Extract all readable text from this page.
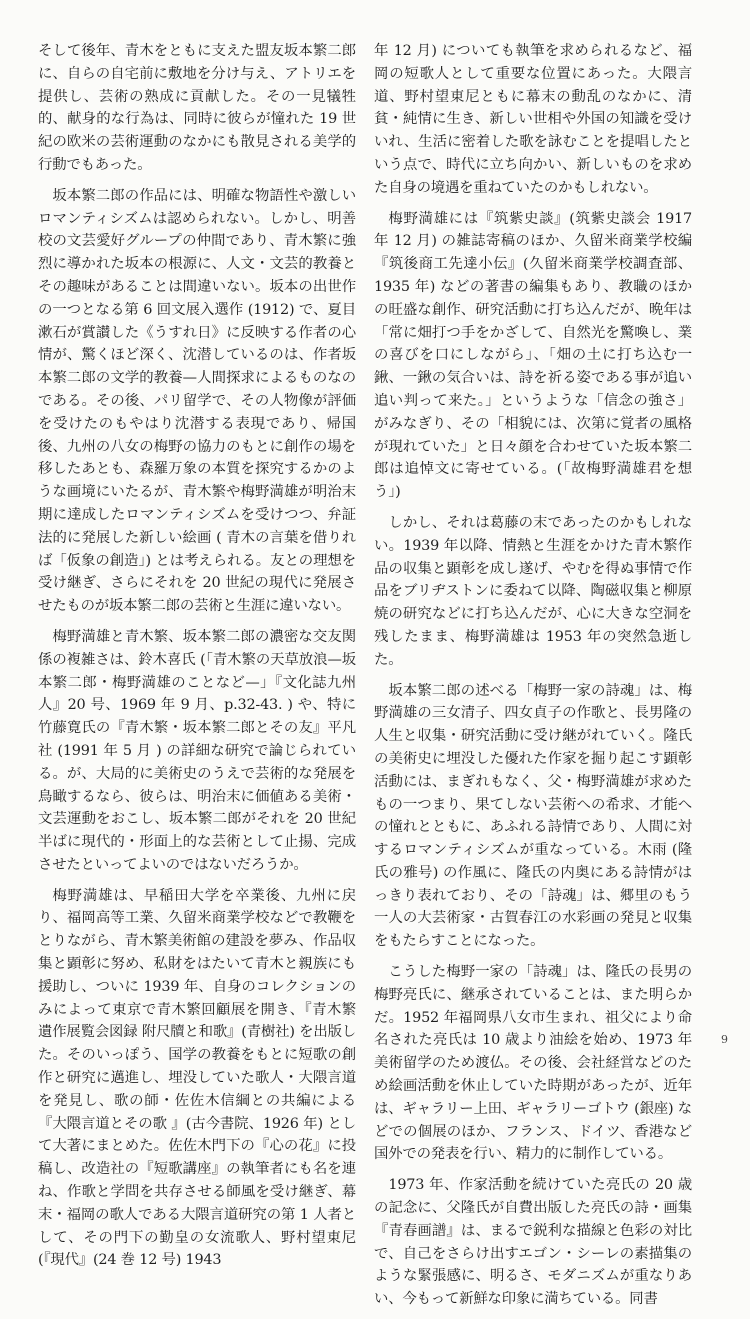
そして後年、青木をともに支えた盟友坂本繁二郎に、自らの自宅前に敷地を分け与え、アトリエを提供し、芸術の熟成に貢献した。その一見犠牲的、献身的な行為は、同時に彼らが憧れた 19 世紀の欧米の芸術運動のなかにも散見される美学的行動でもあった。

坂本繁二郎の作品には、明確な物語性や激しいロマンティシズムは認められない。しかし、明善校の文芸愛好グループの仲間であり、青木繁に強烈に導かれた坂本の根源に、人文・文芸的教養とその趣味があることは間違いない。坂本の出世作の一つとなる第 6 回文展入選作 (1912) で、夏目漱石が賞讃した《うすれ日》に反映する作者の心情が、驚くほど深く、沈潜しているのは、作者坂本繁二郎の文学的教養—人間探求によるものなのである。その後、パリ留学で、その人物像が評価を受けたのもやはり沈潜する表現であり、帰国後、九州の八女の梅野の協力のもとに創作の場を移したあとも、森羅万象の本質を探究するかのような画境にいたるが、青木繁や梅野満雄が明治末期に達成したロマンティシズムを受けつつ、弁証法的に発展した新しい絵画 ( 青木の言葉を借りれば「仮象の創造」) とは考えられる。友との理想を受け継ぎ、さらにそれを 20 世紀の現代に発展させたものが坂本繁二郎の芸術と生涯に違いない。

梅野満雄と青木繁、坂本繁二郎の濃密な交友関係の複雑さは、鈴木喜氏 (「青木繁の天草放浪—坂本繁二郎・梅野満雄のことなど—」『文化誌九州人』20 号、1969 年 9 月、p.32-43. ) や、特に竹藤寛氏の『青木繁・坂本繁二郎とその友』平凡社 (1991 年 5 月 ) の詳細な研究で論じられている。が、大局的に美術史のうえで芸術的な発展を鳥瞰するなら、彼らは、明治末に価値ある美術・文芸運動をおこし、坂本繁二郎がそれを 20 世紀半ばに現代的・形面上的な芸術として止揚、完成させたといってよいのではないだろうか。

梅野満雄は、早稲田大学を卒業後、九州に戻り、福岡高等工業、久留米商業学校などで教鞭をとりながら、青木繁美術館の建設を夢み、作品収集と顕彰に努め、私財をはたいて青木と親族にも援助し、ついに 1939 年、自身のコレクションのみによって東京で青木繁回顧展を開き、『青木繁遺作展覧会図録 附尺牘と和歌』(青樹社) を出版した。そのいっぽう、国学の教養をもとに短歌の創作と研究に邁進し、埋没していた歌人・大隈言道を発見し、歌の師・佐佐木信綱との共編による『大隈言道とその歌 』(古今書院、1926 年) として大著にまとめた。佐佐木門下の『心の花』に投稿し、改造社の『短歌講座』の執筆者にも名を連ね、作歌と学問を共存させる師風を受け継ぎ、幕末・福岡の歌人である大隈言道研究の第 1 人者として、その門下の勤皇の女流歌人、野村望東尼 (『現代』(24 巻 12 号) 1943

年 12 月) についても執筆を求められるなど、福岡の短歌人として重要な位置にあった。大隈言道、野村望東尼ともに幕末の動乱のなかに、清貧・純情に生き、新しい世相や外国の知識を受けいれ、生活に密着した歌を詠むことを提唱したという点で、時代に立ち向かい、新しいものを求めた自身の境遇を重ねていたのかもしれない。

梅野満雄には『筑紫史談』(筑紫史談会 1917 年 12 月) の雑誌寄稿のほか、久留米商業学校編『筑後商工先達小伝』(久留米商業学校調査部、1935 年) などの著書の編集もあり、教職のほかの旺盛な創作、研究活動に打ち込んだが、晩年は「常に畑打つ手をかざして、自然光を驚喚し、業の喜びを口にしながら」、「畑の土に打ち込む一鍬、一鍬の気合いは、詩を祈る姿である事が追い追い判って来た。」というような「信念の強さ」がみなぎり、その「相貌には、次第に覚者の風格が現れていた」と日々顔を合わせていた坂本繁二郎は追悼文に寄せている。(「故梅野満雄君を想う」)

しかし、それは葛藤の末であったのかもしれない。1939 年以降、情熱と生涯をかけた青木繁作品の収集と顕彰を成し遂げ、やむを得ぬ事情で作品をブリヂストンに委ねて以降、陶磁収集と柳原焼の研究などに打ち込んだが、心に大きな空洞を残したまま、梅野満雄は 1953 年の突然急逝した。

坂本繁二郎の述べる「梅野一家の詩魂」は、梅野満雄の三女清子、四女貞子の作歌と、長男隆の人生と収集・研究活動に受け継がれていく。隆氏の美術史に埋没した優れた作家を掘り起こす顕彰活動には、まぎれもなく、父・梅野満雄が求めたもの一つまり、果てしない芸術への希求、才能への憧れとともに、あふれる詩情であり、人間に対するロマンティシズムが重なっている。木雨 (隆氏の雅号) の作風に、隆氏の内奥にある詩情がはっきり表れており、その「詩魂」は、郷里のもう一人の大芸術家・古賀春江の水彩画の発見と収集をもたらすことになった。

こうした梅野一家の「詩魂」は、隆氏の長男の梅野亮氏に、継承されていることは、また明らかだ。1952 年福岡県八女市生まれ、祖父により命名された亮氏は 10 歳より油絵を始め、1973 年美術留学のため渡仏。その後、会社経営などのため絵画活動を休止していた時期があったが、近年は、ギャラリー上田、ギャラリーゴトウ (銀座) などでの個展のほか、フランス、ドイツ、香港など国外での発表を行い、精力的に制作している。

1973 年、作家活動を続けていた亮氏の 20 歳の記念に、父隆氏が自費出版した亮氏の詩・画集『青春画譜』は、まるで鋭利な描線と色彩の対比で、自己をさらけ出すエゴン・シーレの素描集のような緊張感に、明るさ、モダニズムが重なりあい、今もって新鮮な印象に満ちている。同書

9
